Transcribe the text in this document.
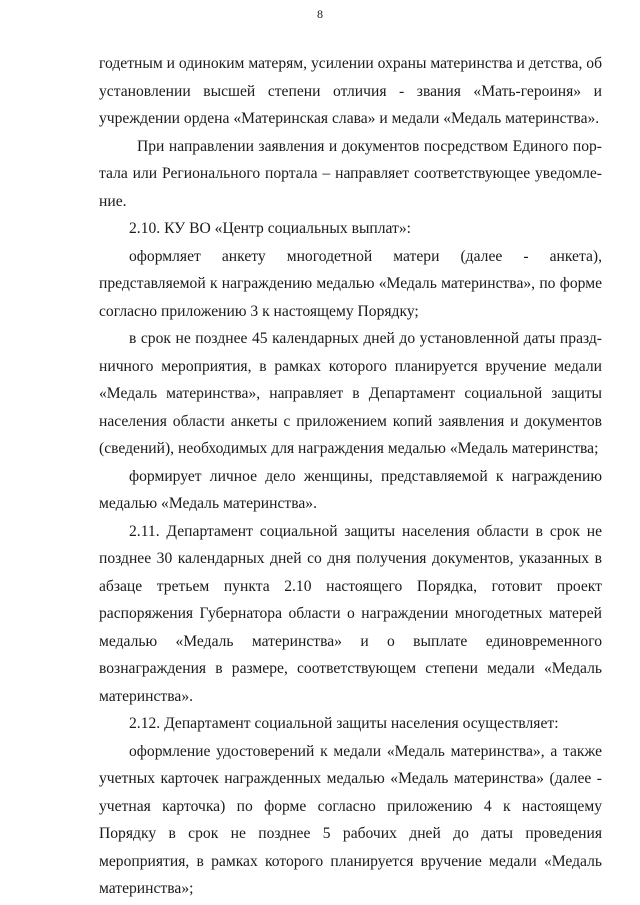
8

годетным и одиноким матерям, усилении охраны материнства и детства, об установлении высшей степени отличия - звания «Мать-героиня» и учреждении ордена «Материнская слава» и медали «Медаль материнства».

При направлении заявления и документов посредством Единого портала или Регионального портала – направляет соответствующее уведомление.

2.10. КУ ВО «Центр социальных выплат»:

оформляет анкету многодетной матери (далее - анкета), представляемой к награждению медалью «Медаль материнства», по форме согласно приложению 3 к настоящему Порядку;

в срок не позднее 45 календарных дней до установленной даты праздничного мероприятия, в рамках которого планируется вручение медали «Медаль материнства», направляет в Департамент социальной защиты населения области анкеты с приложением копий заявления и документов (сведений), необходимых для награждения медалью «Медаль материнства;

формирует личное дело женщины, представляемой к награждению медалью «Медаль материнства».

2.11. Департамент социальной защиты населения области в срок не позднее 30 календарных дней со дня получения документов, указанных в абзаце третьем пункта 2.10 настоящего Порядка, готовит проект распоряжения Губернатора области о награждении многодетных матерей медалью «Медаль материнства» и о выплате единовременного вознаграждения в размере, соответствующем степени медали «Медаль материнства».

2.12. Департамент социальной защиты населения осуществляет:

оформление удостоверений к медали «Медаль материнства», а также учетных карточек награжденных медалью «Медаль материнства» (далее - учетная карточка) по форме согласно приложению 4 к настоящему Порядку в срок не позднее 5 рабочих дней до даты проведения мероприятия, в рамках которого планируется вручение медали «Медаль материнства»;
